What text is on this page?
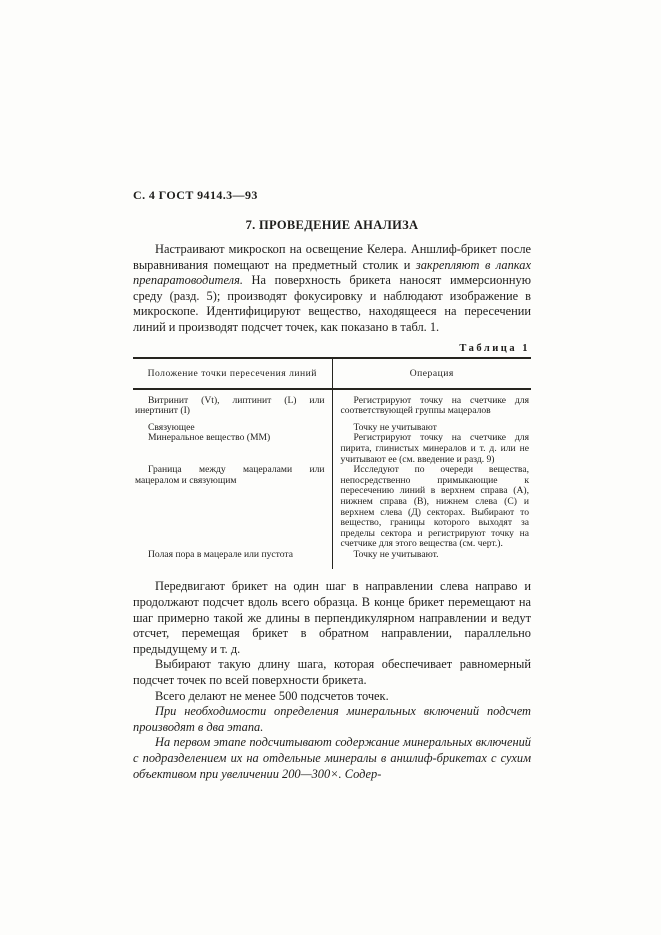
С. 4 ГОСТ 9414.3—93
7. ПРОВЕДЕНИЕ АНАЛИЗА

Настраивают микроскоп на освещение Келера. Аншлиф-брикет после выравнивания помещают на предметный столик и закрепляют в лапках препаратоводителя. На поверхность брикета наносят иммерсионную среду (разд. 5); производят фокусировку и наблюдают изображение в микроскопе. Идентифицируют вещество, находящееся на пересечении линий и производят подсчет точек, как показано в табл. 1.

Таблица 1
Положение точки пересечения линий	Операция
Витринит (Vt), липтинит (L) или инертинит (I)	Регистрируют точку на счетчике для соответствующей группы мацералов
Связующее	Точку не учитывают
Минеральное вещество (ММ)	Регистрируют точку на счетчике для пирита, глинистых минералов и т. д. или не учитывают ее (см. введение и разд. 9)
Граница между мацералами или мацералом и связующим	Исследуют по очереди вещества, непосредственно примыкающие к пересечению линий в верхнем справа (А), нижнем справа (В), нижнем слева (С) и верхнем слева (Д) секторах. Выбирают то вещество, границы которого выходят за пределы сектора и регистрируют точку на счетчике для этого вещества (см. черт.).
Полая пора в мацерале или пустота	Точку не учитывают.

Передвигают брикет на один шаг в направлении слева направо и продолжают подсчет вдоль всего образца. В конце брикет перемещают на шаг примерно такой же длины в перпендикулярном направлении и ведут отсчет, перемещая брикет в обратном направлении, параллельно предыдущему и т. д.

Выбирают такую длину шага, которая обеспечивает равномерный подсчет точек по всей поверхности брикета.

Всего делают не менее 500 подсчетов точек.

При необходимости определения минеральных включений подсчет производят в два этапа.

На первом этапе подсчитывают содержание минеральных включений с подразделением их на отдельные минералы в аншлиф-брикетах с сухим объективом при увеличении 200—300×. Содер-
